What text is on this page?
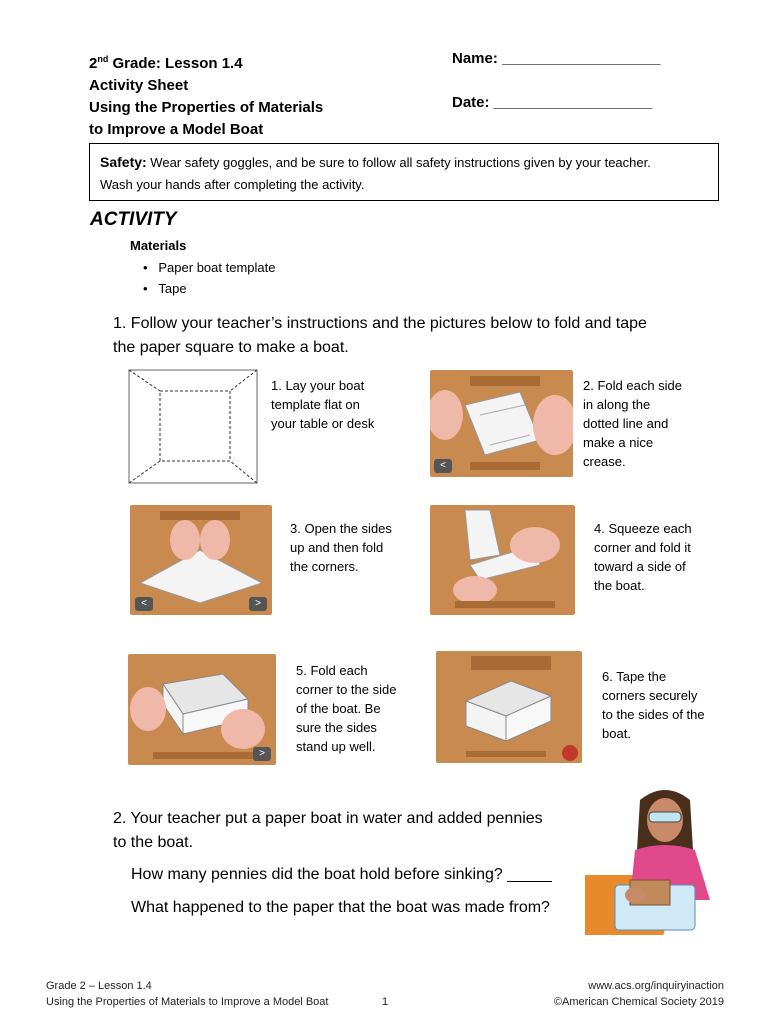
2nd Grade: Lesson 1.4
Activity Sheet
Using the Properties of Materials
to Improve a Model Boat
Name: ___________________
Date: ___________________
Safety: Wear safety goggles, and be sure to follow all safety instructions given by your teacher.
Wash your hands after completing the activity.
ACTIVITY
Materials
•   Paper boat template
•   Tape
1. Follow your teacher’s instructions and the pictures below to fold and tape
the paper square to make a boat.
1. Lay your boat
template flat on
your table or desk
<
2. Fold each side
in along the
dotted line and
make a nice
crease.
<	>
3. Open the sides
up and then fold
the corners.
4. Squeeze each
corner and fold it
toward a side of
the boat.
>
5. Fold each
corner to the side
of the boat. Be
sure the sides
stand up well.
6. Tape the
corners securely
to the sides of the
boat.
2. Your teacher put a paper boat in water and added pennies
to the boat.
How many pennies did the boat hold before sinking? _____
What happened to the paper that the boat was made from?
Grade 2 – Lesson 1.4
Using the Properties of Materials to Improve a Model Boat	1
www.acs.org/inquiryinaction
©American Chemical Society 2019
